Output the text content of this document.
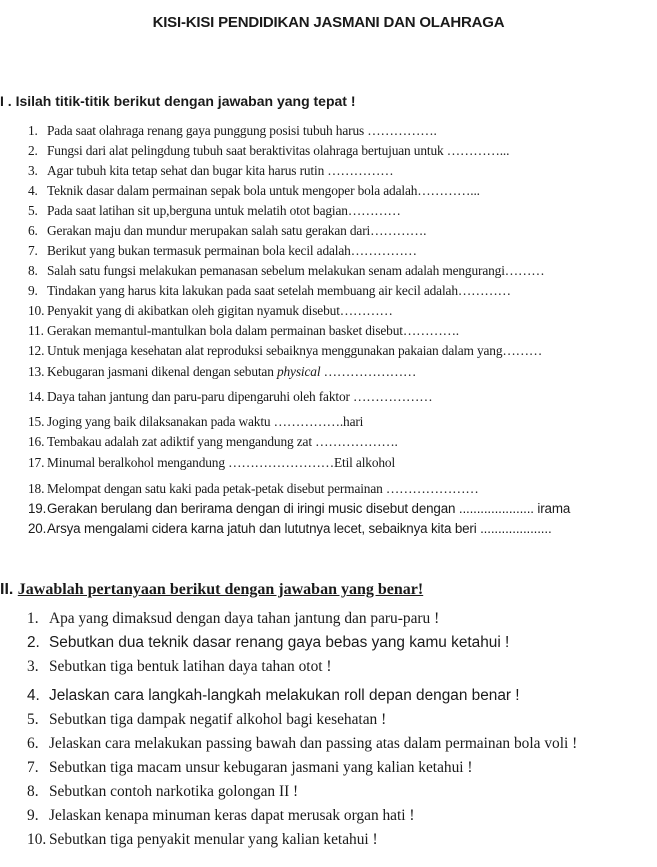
KISI-KISI PENDIDIKAN JASMANI DAN OLAHRAGA
I . Isilah titik-titik berikut dengan jawaban yang tepat !
1. Pada saat olahraga renang gaya punggung posisi tubuh harus …………….
2. Fungsi dari alat pelingdung tubuh saat beraktivitas olahraga bertujuan untuk …………...
3. Agar tubuh kita tetap sehat dan bugar kita harus rutin ……………
4. Teknik dasar dalam permainan sepak bola untuk mengoper bola adalah…………...
5. Pada saat latihan sit up,berguna untuk melatih otot bagian…………
6. Gerakan maju dan mundur merupakan salah satu gerakan dari………….
7. Berikut yang bukan termasuk permainan bola kecil adalah……………
8. Salah satu fungsi melakukan pemanasan sebelum melakukan senam adalah mengurangi………
9. Tindakan yang harus kita lakukan pada saat setelah membuang air kecil adalah…………
10. Penyakit yang di akibatkan oleh gigitan nyamuk disebut…………
11. Gerakan memantul-mantulkan bola dalam permainan basket disebut………….
12. Untuk menjaga kesehatan alat reproduksi sebaiknya menggunakan pakaian dalam yang………
13. Kebugaran jasmani dikenal dengan sebutan physical …………………
14. Daya tahan jantung dan paru-paru dipengaruhi oleh faktor ………………
15. Joging yang baik dilaksanakan pada waktu …………….hari
16. Tembakau adalah zat adiktif yang mengandung zat ……………….
17. Minumal beralkohol mengandung ……………………Etil alkohol
18. Melompat dengan satu kaki pada petak-petak disebut permainan …………………
19.Gerakan berulang dan berirama dengan di iringi music disebut dengan ..................... irama
20.Arsya mengalami cidera karna jatuh dan lututnya lecet, sebaiknya kita beri ....................
II. Jawablah pertanyaan berikut dengan jawaban yang benar!
1. Apa yang dimaksud dengan daya tahan jantung dan paru-paru !
2. Sebutkan dua teknik dasar renang gaya bebas yang kamu ketahui !
3. Sebutkan tiga bentuk latihan daya tahan otot !
4. Jelaskan cara langkah-langkah melakukan roll depan dengan benar !
5. Sebutkan tiga dampak negatif alkohol bagi kesehatan !
6. Jelaskan cara melakukan passing bawah dan passing atas dalam permainan bola voli !
7. Sebutkan tiga macam unsur kebugaran jasmani yang kalian ketahui !
8. Sebutkan contoh narkotika golongan II !
9. Jelaskan kenapa minuman keras dapat merusak organ hati !
10. Sebutkan tiga penyakit menular yang kalian ketahui !
